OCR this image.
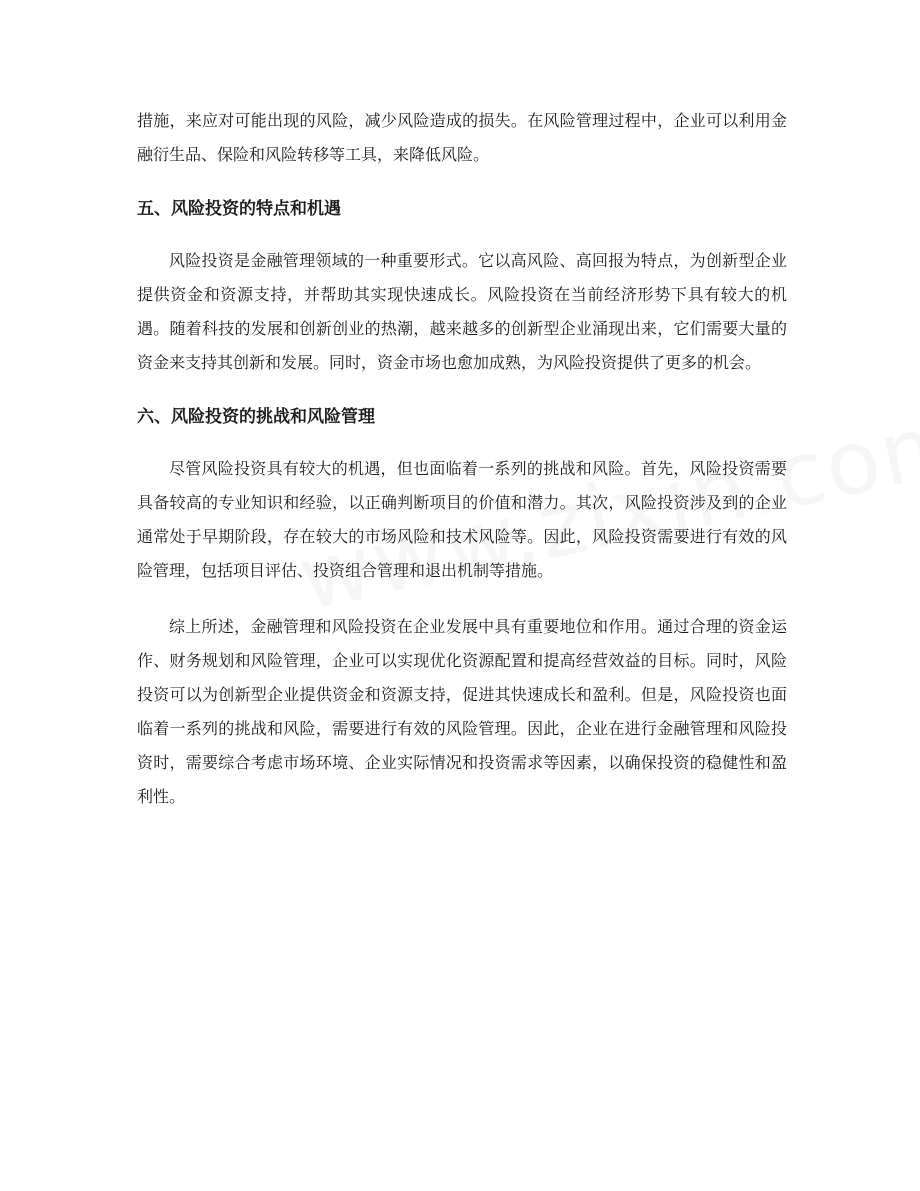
措施，来应对可能出现的风险，减少风险造成的损失。在风险管理过程中，企业可以利用金融衍生品、保险和风险转移等工具，来降低风险。

五、风险投资的特点和机遇

风险投资是金融管理领域的一种重要形式。它以高风险、高回报为特点，为创新型企业提供资金和资源支持，并帮助其实现快速成长。风险投资在当前经济形势下具有较大的机遇。随着科技的发展和创新创业的热潮，越来越多的创新型企业涌现出来，它们需要大量的资金来支持其创新和发展。同时，资金市场也愈加成熟，为风险投资提供了更多的机会。

六、风险投资的挑战和风险管理

尽管风险投资具有较大的机遇，但也面临着一系列的挑战和风险。首先，风险投资需要具备较高的专业知识和经验，以正确判断项目的价值和潜力。其次，风险投资涉及到的企业通常处于早期阶段，存在较大的市场风险和技术风险等。因此，风险投资需要进行有效的风险管理，包括项目评估、投资组合管理和退出机制等措施。

综上所述，金融管理和风险投资在企业发展中具有重要地位和作用。通过合理的资金运作、财务规划和风险管理，企业可以实现优化资源配置和提高经营效益的目标。同时，风险投资可以为创新型企业提供资金和资源支持，促进其快速成长和盈利。但是，风险投资也面临着一系列的挑战和风险，需要进行有效的风险管理。因此，企业在进行金融管理和风险投资时，需要综合考虑市场环境、企业实际情况和投资需求等因素，以确保投资的稳健性和盈利性。
